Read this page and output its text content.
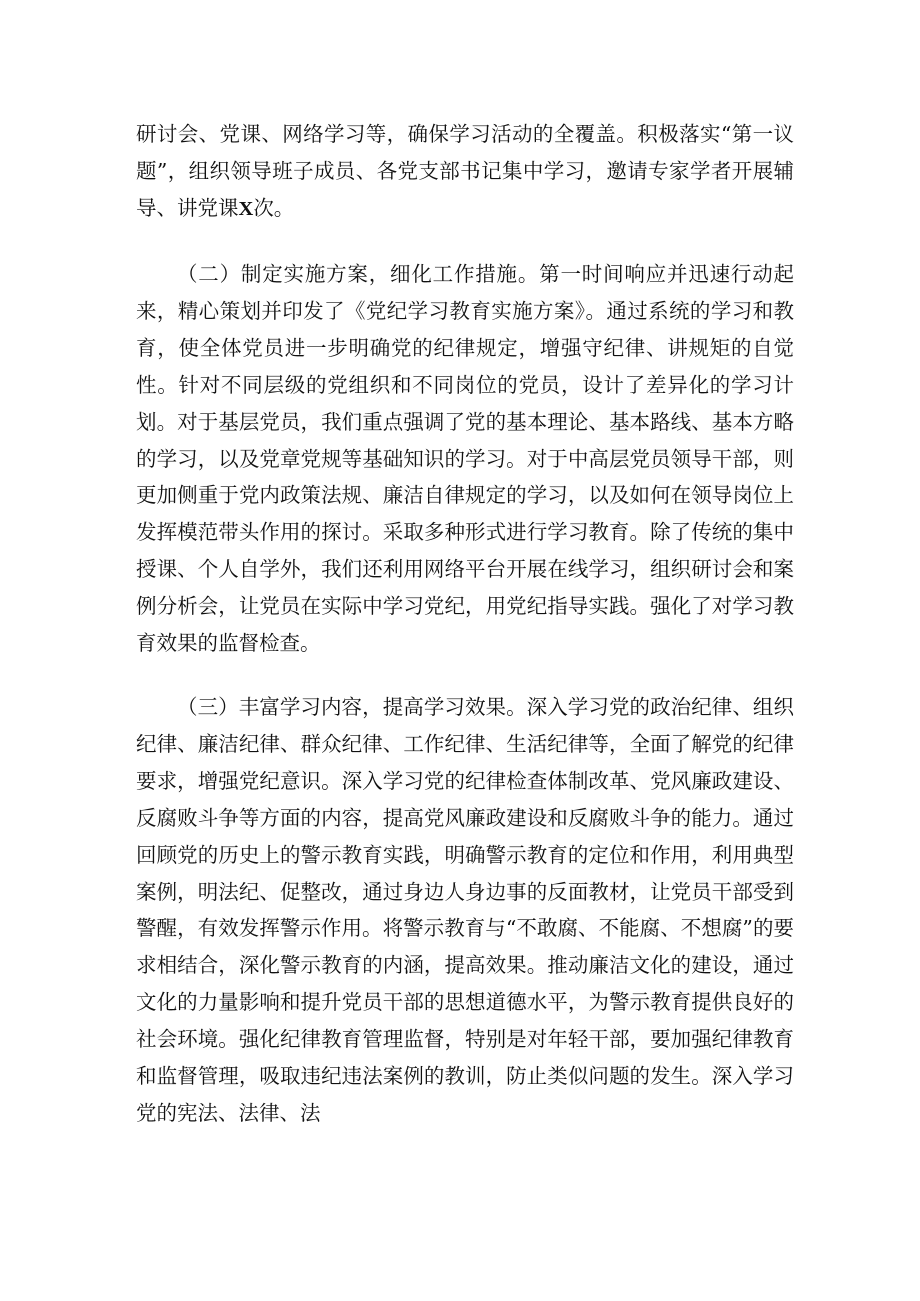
研讨会、党课、网络学习等，确保学习活动的全覆盖。积极落实“第一议题”，组织领导班子成员、各党支部书记集中学习，邀请专家学者开展辅导、讲党课X次。

（二）制定实施方案，细化工作措施。第一时间响应并迅速行动起来，精心策划并印发了《党纪学习教育实施方案》。通过系统的学习和教育，使全体党员进一步明确党的纪律规定，增强守纪律、讲规矩的自觉性。针对不同层级的党组织和不同岗位的党员，设计了差异化的学习计划。对于基层党员，我们重点强调了党的基本理论、基本路线、基本方略的学习，以及党章党规等基础知识的学习。对于中高层党员领导干部，则更加侧重于党内政策法规、廉洁自律规定的学习，以及如何在领导岗位上发挥模范带头作用的探讨。采取多种形式进行学习教育。除了传统的集中授课、个人自学外，我们还利用网络平台开展在线学习，组织研讨会和案例分析会，让党员在实际中学习党纪，用党纪指导实践。强化了对学习教育效果的监督检查。

（三）丰富学习内容，提高学习效果。深入学习党的政治纪律、组织纪律、廉洁纪律、群众纪律、工作纪律、生活纪律等，全面了解党的纪律要求，增强党纪意识。深入学习党的纪律检查体制改革、党风廉政建设、反腐败斗争等方面的内容，提高党风廉政建设和反腐败斗争的能力。通过回顾党的历史上的警示教育实践，明确警示教育的定位和作用，利用典型案例，明法纪、促整改，通过身边人身边事的反面教材，让党员干部受到警醒，有效发挥警示作用。将警示教育与“不敢腐、不能腐、不想腐”的要求相结合，深化警示教育的内涵，提高效果。推动廉洁文化的建设，通过文化的力量影响和提升党员干部的思想道德水平，为警示教育提供良好的社会环境。强化纪律教育管理监督，特别是对年轻干部，要加强纪律教育和监督管理，吸取违纪违法案例的教训，防止类似问题的发生。深入学习党的宪法、法律、法
